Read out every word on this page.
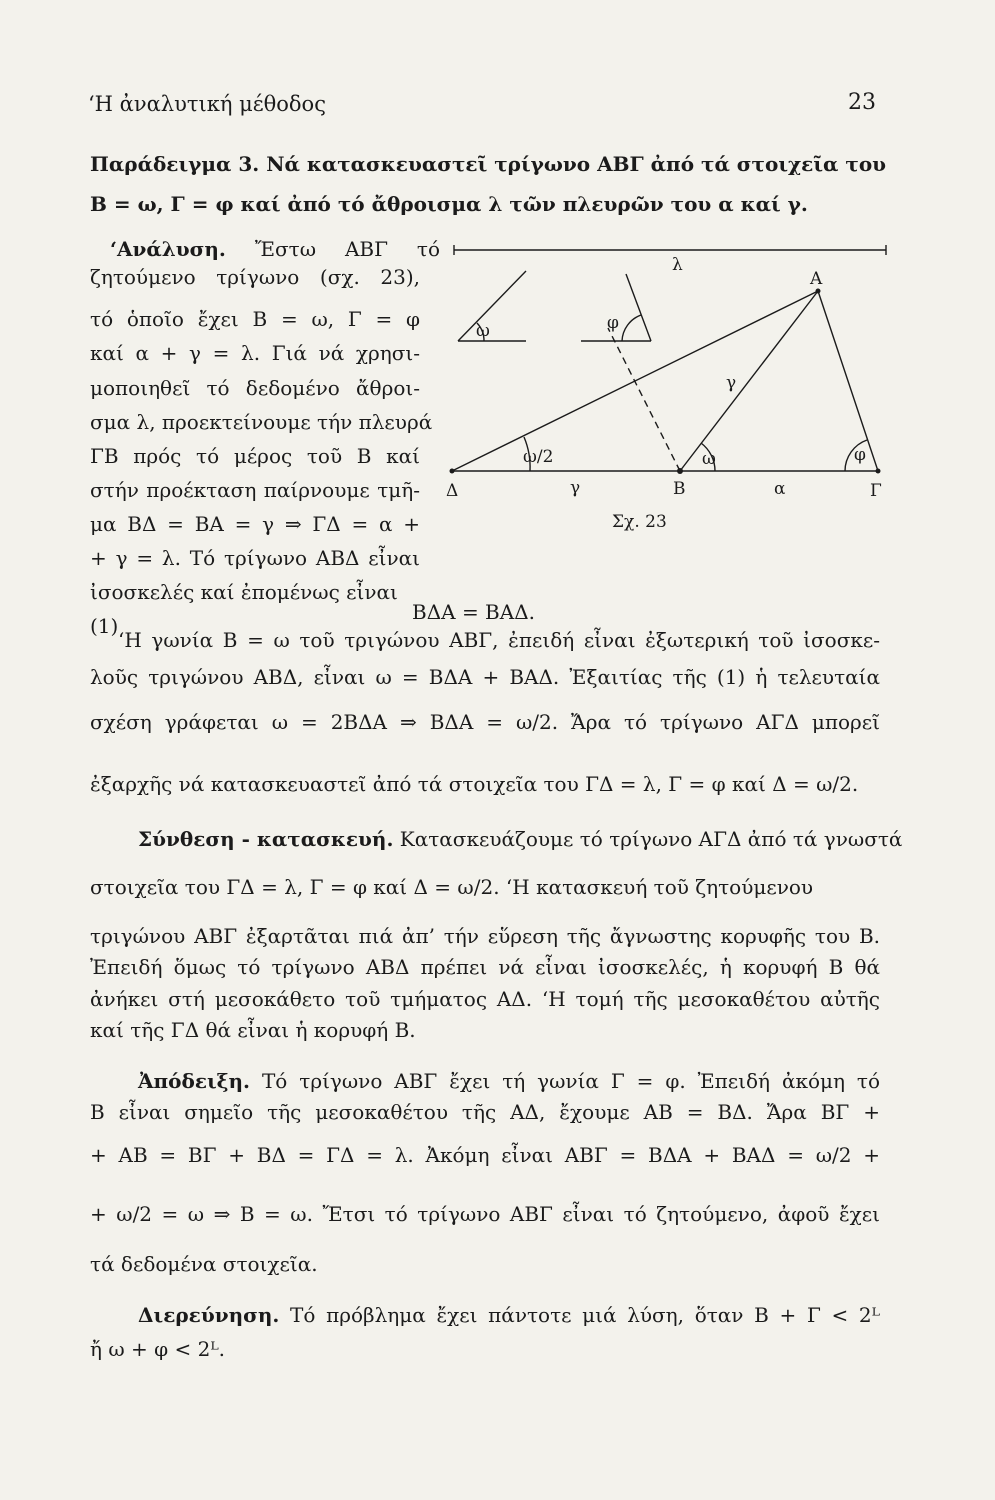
‘Η ἀναλυτική μέθοδος	23
Παράδειγμα 3. Νά κατασκευαστεῖ τρίγωνο ΑΒΓ ἀπό τά στοιχεῖα του
B = ω, Γ = φ καί ἀπό τό ἄθροισμα λ τῶν πλευρῶν του α καί γ.
‘Ανάλυση. Ἔστω ΑΒΓ τό
ζητούμενο τρίγωνο (σχ. 23),
τό ὁποῖο ἔχει B = ω, Γ = φ
καί α + γ = λ. Γιά νά χρησι-
μοποιηθεῖ τό δεδομένο ἄθροι-
σμα λ, προεκτείνουμε τήν πλευρά
ΓΒ πρός τό μέρος τοῦ Β καί
στήν προέκταση παίρνουμε τμῆ-
μα ΒΔ = ΒΑ = γ ⇒ ΓΔ = α +
+ γ = λ. Τό τρίγωνο ΑΒΔ εἶναι
ἰσοσκελές καί ἐπομένως εἶναι
(1)
ΒΔΑ = ΒΑΔ.
λ
ω	φ
Α
γ
ω/2	ω	φ
Δ	γ	Β	α	Γ
Σχ. 23
‘Η γωνία B = ω τοῦ τριγώνου ΑΒΓ, ἐπειδή εἶναι ἐξωτερική τοῦ ἰσοσκε-
λοῦς τριγώνου ΑΒΔ, εἶναι ω = ΒΔΑ + ΒΑΔ. Ἐξαιτίας τῆς (1) ἡ τελευταία
σχέση γράφεται ω = 2ΒΔΑ ⇒ ΒΔΑ = ω/2. Ἄρα τό τρίγωνο ΑΓΔ μπορεῖ
ἐξαρχῆς νά κατασκευαστεῖ ἀπό τά στοιχεῖα του ΓΔ = λ, Γ = φ καί Δ = ω/2.
Σύνθεση - κατασκευή. Κατασκευάζουμε τό τρίγωνο ΑΓΔ ἀπό τά γνωστά
στοιχεῖα του ΓΔ = λ, Γ = φ καί Δ = ω/2. ‘Η κατασκευή τοῦ ζητούμενου
τριγώνου ΑΒΓ ἐξαρτᾶται πιά ἀπ’ τήν εὕρεση τῆς ἄγνωστης κορυφῆς του Β.
Ἐπειδή ὅμως τό τρίγωνο ΑΒΔ πρέπει νά εἶναι ἰσοσκελές, ἡ κορυφή Β θά
ἀνήκει στή μεσοκάθετο τοῦ τμήματος ΑΔ. ‘Η τομή τῆς μεσοκαθέτου αὐτῆς
καί τῆς ΓΔ θά εἶναι ἡ κορυφή Β.
Ἀπόδειξη. Τό τρίγωνο ΑΒΓ ἔχει τή γωνία Γ = φ. Ἐπειδή ἀκόμη τό
Β εἶναι σημεῖο τῆς μεσοκαθέτου τῆς ΑΔ, ἔχουμε ΑΒ = ΒΔ. Ἄρα ΒΓ +
+ ΑΒ = ΒΓ + ΒΔ = ΓΔ = λ. Ἀκόμη εἶναι ΑΒΓ = ΒΔΑ + ΒΑΔ = ω/2 +
+ ω/2 = ω ⇒ B = ω. Ἔτσι τό τρίγωνο ΑΒΓ εἶναι τό ζητούμενο, ἀφοῦ ἔχει
τά δεδομένα στοιχεῖα.
Διερεύνηση. Τό πρόβλημα ἔχει πάντοτε μιά λύση, ὅταν B + Γ < 2ᴸ
ἤ ω + φ < 2ᴸ.
